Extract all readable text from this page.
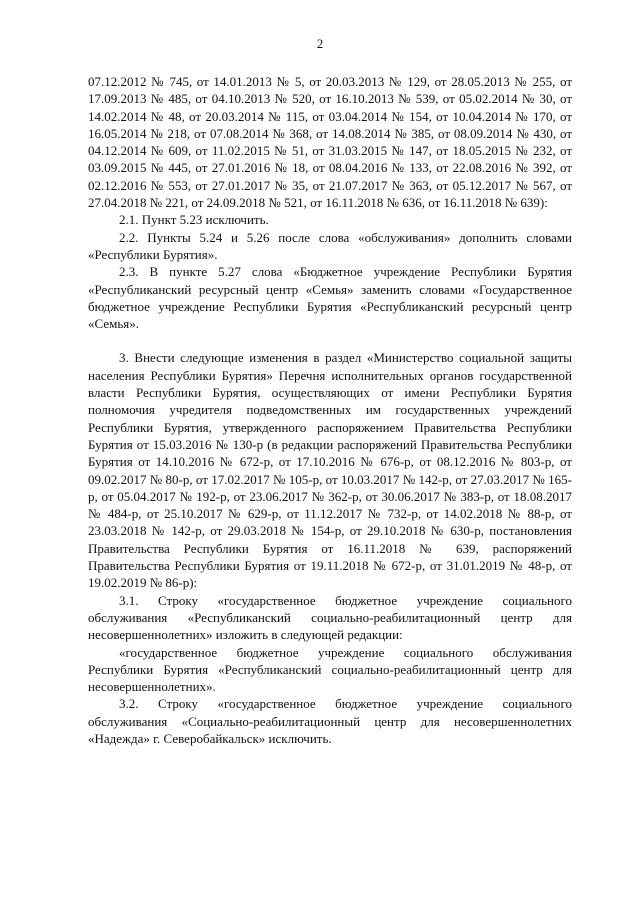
2

07.12.2012 № 745, от 14.01.2013 № 5, от 20.03.2013 № 129, от 28.05.2013 № 255, от 17.09.2013 № 485, от 04.10.2013 № 520, от 16.10.2013 № 539, от 05.02.2014 № 30, от 14.02.2014 № 48, от 20.03.2014 № 115, от 03.04.2014 № 154, от 10.04.2014 № 170, от 16.05.2014 № 218, от 07.08.2014 № 368, от 14.08.2014 № 385, от 08.09.2014 № 430, от 04.12.2014 № 609, от 11.02.2015 № 51, от 31.03.2015 № 147, от 18.05.2015 № 232, от 03.09.2015 № 445, от 27.01.2016 № 18, от 08.04.2016 № 133, от 22.08.2016 № 392, от 02.12.2016 № 553, от 27.01.2017 № 35, от 21.07.2017 № 363, от 05.12.2017 № 567, от 27.04.2018 № 221, от 24.09.2018 № 521, от 16.11.2018 № 636, от 16.11.2018 № 639):

2.1. Пункт 5.23 исключить.

2.2. Пункты 5.24 и 5.26 после слова «обслуживания» дополнить словами «Республики Бурятия».

2.3. В пункте 5.27 слова «Бюджетное учреждение Республики Бурятия «Республиканский ресурсный центр «Семья» заменить словами «Государственное бюджетное учреждение Республики Бурятия «Республиканский ресурсный центр «Семья».

3. Внести следующие изменения в раздел «Министерство социальной защиты населения Республики Бурятия» Перечня исполнительных органов государственной власти Республики Бурятия, осуществляющих от имени Республики Бурятия полномочия учредителя подведомственных им государственных учреждений Республики Бурятия, утвержденного распоряжением Правительства Республики Бурятия от 15.03.2016 № 130-р (в редакции распоряжений Правительства Республики Бурятия от 14.10.2016 № 672-р, от 17.10.2016 № 676-р, от 08.12.2016 № 803-р, от 09.02.2017 № 80-р, от 17.02.2017 № 105-р, от 10.03.2017 № 142-р, от 27.03.2017 № 165-р, от 05.04.2017 № 192-р, от 23.06.2017 № 362-р, от 30.06.2017 № 383-р, от 18.08.2017 № 484-р, от 25.10.2017 № 629-р, от 11.12.2017 № 732-р, от 14.02.2018 № 88-р, от 23.03.2018 № 142-р, от 29.03.2018 № 154-р, от 29.10.2018 № 630-р, постановления Правительства Республики Бурятия от 16.11.2018 № 639, распоряжений Правительства Республики Бурятия от 19.11.2018 № 672-р, от 31.01.2019 № 48-р, от 19.02.2019 № 86-р):

3.1. Строку «государственное бюджетное учреждение социального обслуживания «Республиканский социально-реабилитационный центр для несовершеннолетних» изложить в следующей редакции:

«государственное бюджетное учреждение социального обслуживания Республики Бурятия «Республиканский социально-реабилитационный центр для несовершеннолетних».

3.2. Строку «государственное бюджетное учреждение социального обслуживания «Социально-реабилитационный центр для несовершеннолетних «Надежда» г. Северобайкальск» исключить.
